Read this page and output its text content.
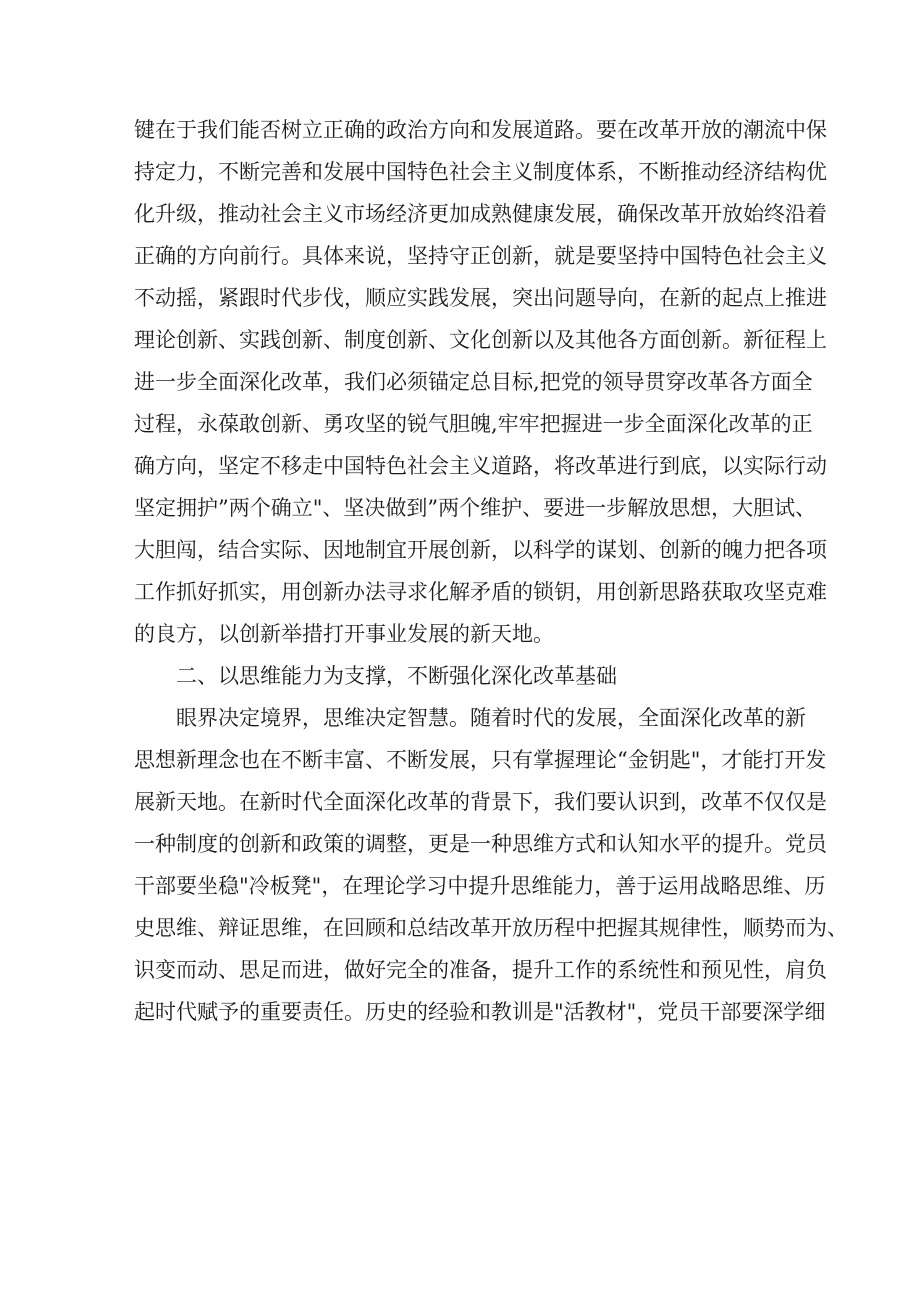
键在于我们能否树立正确的政治方向和发展道路。要在改革开放的潮流中保
持定力，不断完善和发展中国特色社会主义制度体系，不断推动经济结构优
化升级，推动社会主义市场经济更加成熟健康发展，确保改革开放始终沿着
正确的方向前行。具体来说，坚持守正创新，就是要坚持中国特色社会主义
不动摇，紧跟时代步伐，顺应实践发展，突出问题导向，在新的起点上推进
理论创新、实践创新、制度创新、文化创新以及其他各方面创新。新征程上
进一步全面深化改革，我们必须锚定总目标,把党的领导贯穿改革各方面全
过程，永葆敢创新、勇攻坚的锐气胆魄,牢牢把握进一步全面深化改革的正
确方向，坚定不移走中国特色社会主义道路，将改革进行到底，以实际行动
坚定拥护”两个确立"、坚决做到”两个维护、要进一步解放思想，大胆试、
大胆闯，结合实际、因地制宜开展创新，以科学的谋划、创新的魄力把各项
工作抓好抓实，用创新办法寻求化解矛盾的锁钥，用创新思路获取攻坚克难
的良方，以创新举措打开事业发展的新天地。
二、以思维能力为支撑，不断强化深化改革基础
眼界决定境界，思维决定智慧。随着时代的发展，全面深化改革的新
思想新理念也在不断丰富、不断发展，只有掌握理论“金钥匙"，才能打开发
展新天地。在新时代全面深化改革的背景下，我们要认识到，改革不仅仅是
一种制度的创新和政策的调整，更是一种思维方式和认知水平的提升。党员
干部要坐稳"冷板凳"，在理论学习中提升思维能力，善于运用战略思维、历
史思维、辩证思维，在回顾和总结改革开放历程中把握其规律性，顺势而为、
识变而动、思足而进，做好完全的准备，提升工作的系统性和预见性，肩负
起时代赋予的重要责任。历史的经验和教训是"活教材"，党员干部要深学细
